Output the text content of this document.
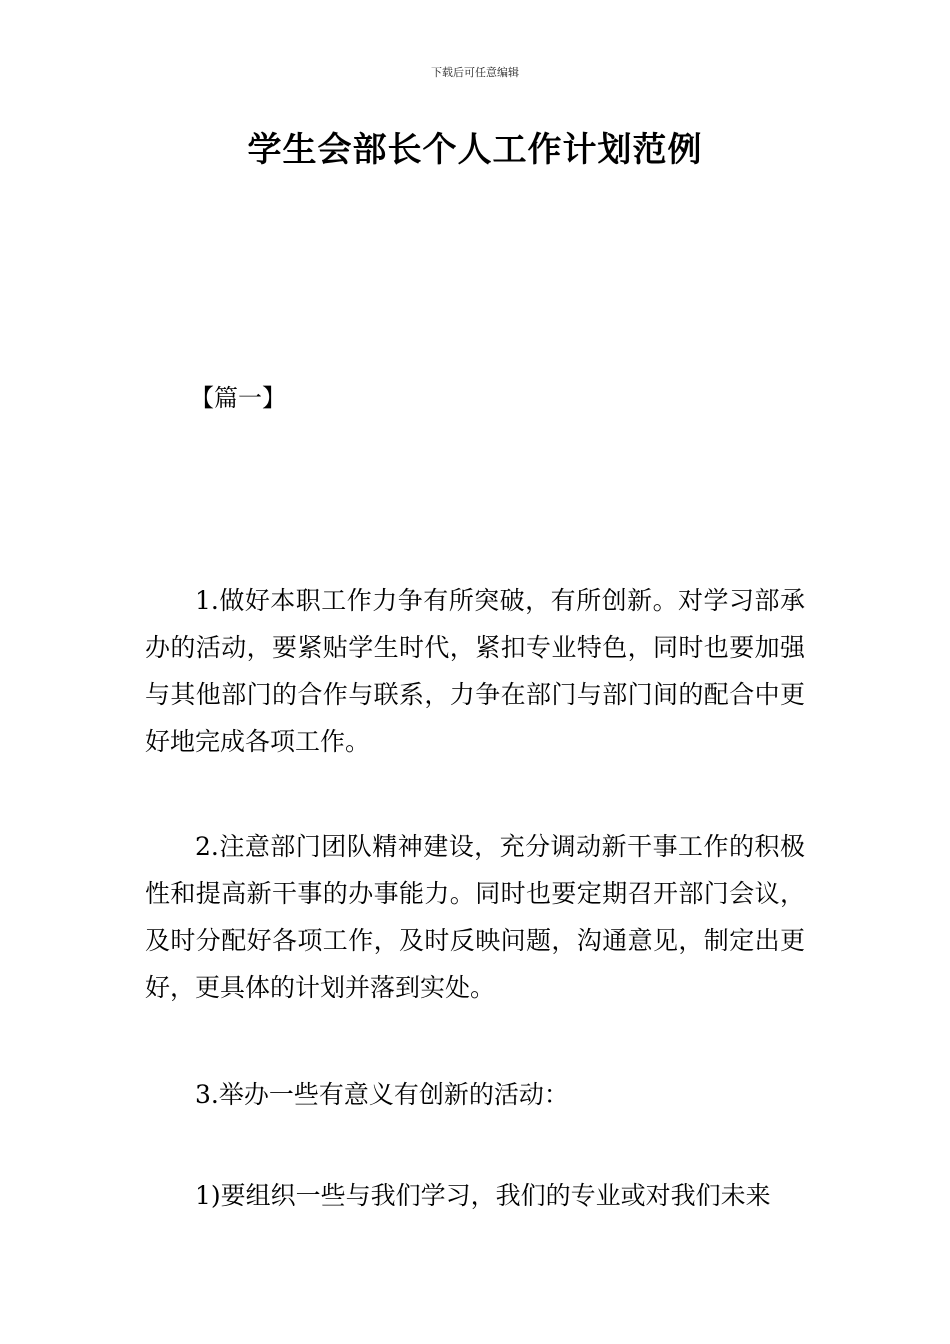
下载后可任意编辑
学生会部长个人工作计划范例
【篇一】

1.做好本职工作力争有所突破，有所创新。对学习部承办的活动，要紧贴学生时代，紧扣专业特色，同时也要加强与其他部门的合作与联系，力争在部门与部门间的配合中更好地完成各项工作。

2.注意部门团队精神建设，充分调动新干事工作的积极性和提高新干事的办事能力。同时也要定期召开部门会议，及时分配好各项工作，及时反映问题，沟通意见，制定出更好，更具体的计划并落到实处。

3.举办一些有意义有创新的活动：

1)要组织一些与我们学习，我们的专业或对我们未来
